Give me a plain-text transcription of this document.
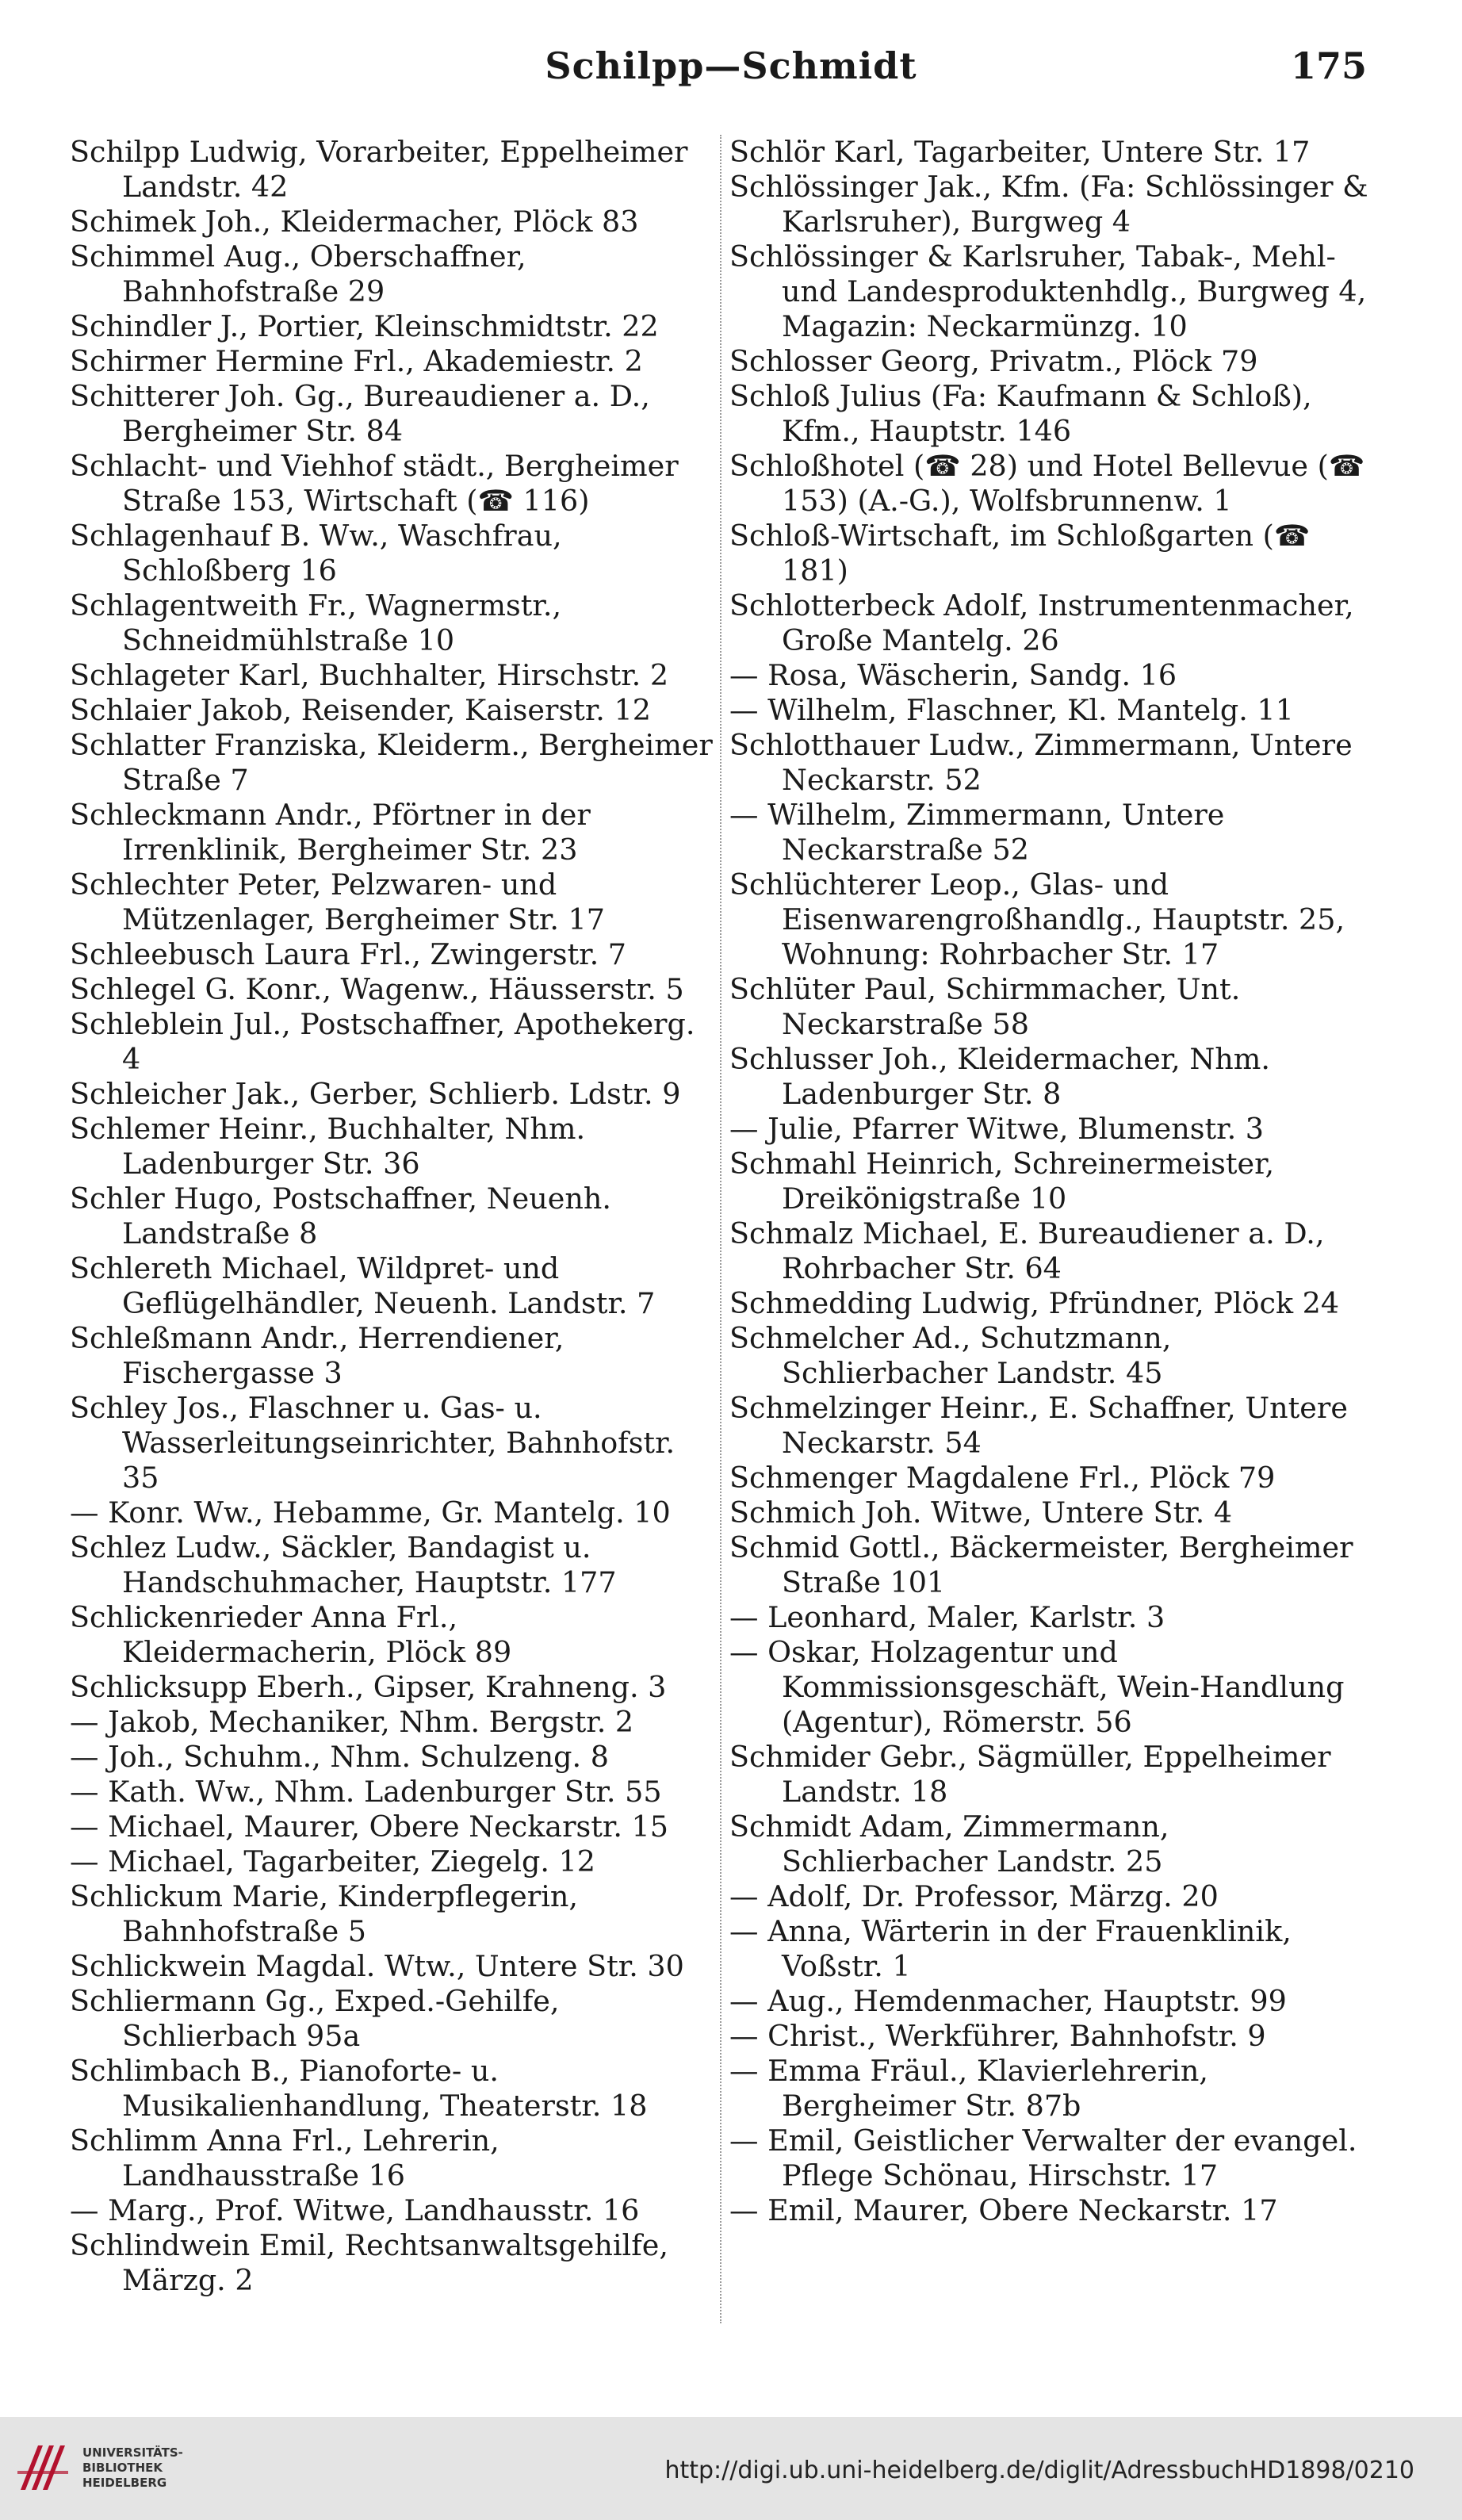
Schilpp—Schmidt	175

Schilpp Ludwig, Vorarbeiter, Eppelheimer Landstr. 42

Schimek Joh., Kleidermacher, Plöck 83

Schimmel Aug., Oberschaffner, Bahnhofstraße 29

Schindler J., Portier, Kleinschmidtstr. 22

Schirmer Hermine Frl., Akademiestr. 2

Schitterer Joh. Gg., Bureaudiener a. D., Bergheimer Str. 84

Schlacht- und Viehhof städt., Bergheimer Straße 153, Wirtschaft (☎ 116)

Schlagenhauf B. Ww., Waschfrau, Schloßberg 16

Schlagentweith Fr., Wagnermstr., Schneidmühlstraße 10

Schlageter Karl, Buchhalter, Hirschstr. 2

Schlaier Jakob, Reisender, Kaiserstr. 12

Schlatter Franziska, Kleiderm., Bergheimer Straße 7

Schleckmann Andr., Pförtner in der Irrenklinik, Bergheimer Str. 23

Schlechter Peter, Pelzwaren- und Mützenlager, Bergheimer Str. 17

Schleebusch Laura Frl., Zwingerstr. 7

Schlegel G. Konr., Wagenw., Häusserstr. 5

Schleblein Jul., Postschaffner, Apothekerg. 4

Schleicher Jak., Gerber, Schlierb. Ldstr. 9

Schlemer Heinr., Buchhalter, Nhm. Ladenburger Str. 36

Schler Hugo, Postschaffner, Neuenh. Landstraße 8

Schlereth Michael, Wildpret- und Geflügelhändler, Neuenh. Landstr. 7

Schleßmann Andr., Herrendiener, Fischergasse 3

Schley Jos., Flaschner u. Gas- u. Wasserleitungseinrichter, Bahnhofstr. 35

— Konr. Ww., Hebamme, Gr. Mantelg. 10

Schlez Ludw., Säckler, Bandagist u. Handschuhmacher, Hauptstr. 177

Schlickenrieder Anna Frl., Kleidermacherin, Plöck 89

Schlicksupp Eberh., Gipser, Krahneng. 3

— Jakob, Mechaniker, Nhm. Bergstr. 2

— Joh., Schuhm., Nhm. Schulzeng. 8

— Kath. Ww., Nhm. Ladenburger Str. 55

— Michael, Maurer, Obere Neckarstr. 15

— Michael, Tagarbeiter, Ziegelg. 12

Schlickum Marie, Kinderpflegerin, Bahnhofstraße 5

Schlickwein Magdal. Wtw., Untere Str. 30

Schliermann Gg., Exped.-Gehilfe, Schlierbach 95a

Schlimbach B., Pianoforte- u. Musikalienhandlung, Theaterstr. 18

Schlimm Anna Frl., Lehrerin, Landhausstraße 16

— Marg., Prof. Witwe, Landhausstr. 16

Schlindwein Emil, Rechtsanwaltsgehilfe, Märzg. 2

Schlör Karl, Tagarbeiter, Untere Str. 17

Schlössinger Jak., Kfm. (Fa: Schlössinger & Karlsruher), Burgweg 4

Schlössinger & Karlsruher, Tabak-, Mehl- und Landesproduktenhdlg., Burgweg 4, Magazin: Neckarmünzg. 10

Schlosser Georg, Privatm., Plöck 79

Schloß Julius (Fa: Kaufmann & Schloß), Kfm., Hauptstr. 146

Schloßhotel (☎ 28) und Hotel Bellevue (☎ 153) (A.-G.), Wolfsbrunnenw. 1

Schloß-Wirtschaft, im Schloßgarten (☎ 181)

Schlotterbeck Adolf, Instrumentenmacher, Große Mantelg. 26

— Rosa, Wäscherin, Sandg. 16

— Wilhelm, Flaschner, Kl. Mantelg. 11

Schlotthauer Ludw., Zimmermann, Untere Neckarstr. 52

— Wilhelm, Zimmermann, Untere Neckarstraße 52

Schlüchterer Leop., Glas- und Eisenwarengroßhandlg., Hauptstr. 25, Wohnung: Rohrbacher Str. 17

Schlüter Paul, Schirmmacher, Unt. Neckarstraße 58

Schlusser Joh., Kleidermacher, Nhm. Ladenburger Str. 8

— Julie, Pfarrer Witwe, Blumenstr. 3

Schmahl Heinrich, Schreinermeister, Dreikönigstraße 10

Schmalz Michael, E. Bureaudiener a. D., Rohrbacher Str. 64

Schmedding Ludwig, Pfründner, Plöck 24

Schmelcher Ad., Schutzmann, Schlierbacher Landstr. 45

Schmelzinger Heinr., E. Schaffner, Untere Neckarstr. 54

Schmenger Magdalene Frl., Plöck 79

Schmich Joh. Witwe, Untere Str. 4

Schmid Gottl., Bäckermeister, Bergheimer Straße 101

— Leonhard, Maler, Karlstr. 3

— Oskar, Holzagentur und Kommissionsgeschäft, Wein-Handlung (Agentur), Römerstr. 56

Schmider Gebr., Sägmüller, Eppelheimer Landstr. 18

Schmidt Adam, Zimmermann, Schlierbacher Landstr. 25

— Adolf, Dr. Professor, Märzg. 20

— Anna, Wärterin in der Frauenklinik, Voßstr. 1

— Aug., Hemdenmacher, Hauptstr. 99

— Christ., Werkführer, Bahnhofstr. 9

— Emma Fräul., Klavierlehrerin, Bergheimer Str. 87b

— Emil, Geistlicher Verwalter der evangel. Pflege Schönau, Hirschstr. 17

— Emil, Maurer, Obere Neckarstr. 17

UNIVERSITÄTS-
BIBLIOTHEK
HEIDELBERG	http://digi.ub.uni-heidelberg.de/diglit/AdressbuchHD1898/0210
